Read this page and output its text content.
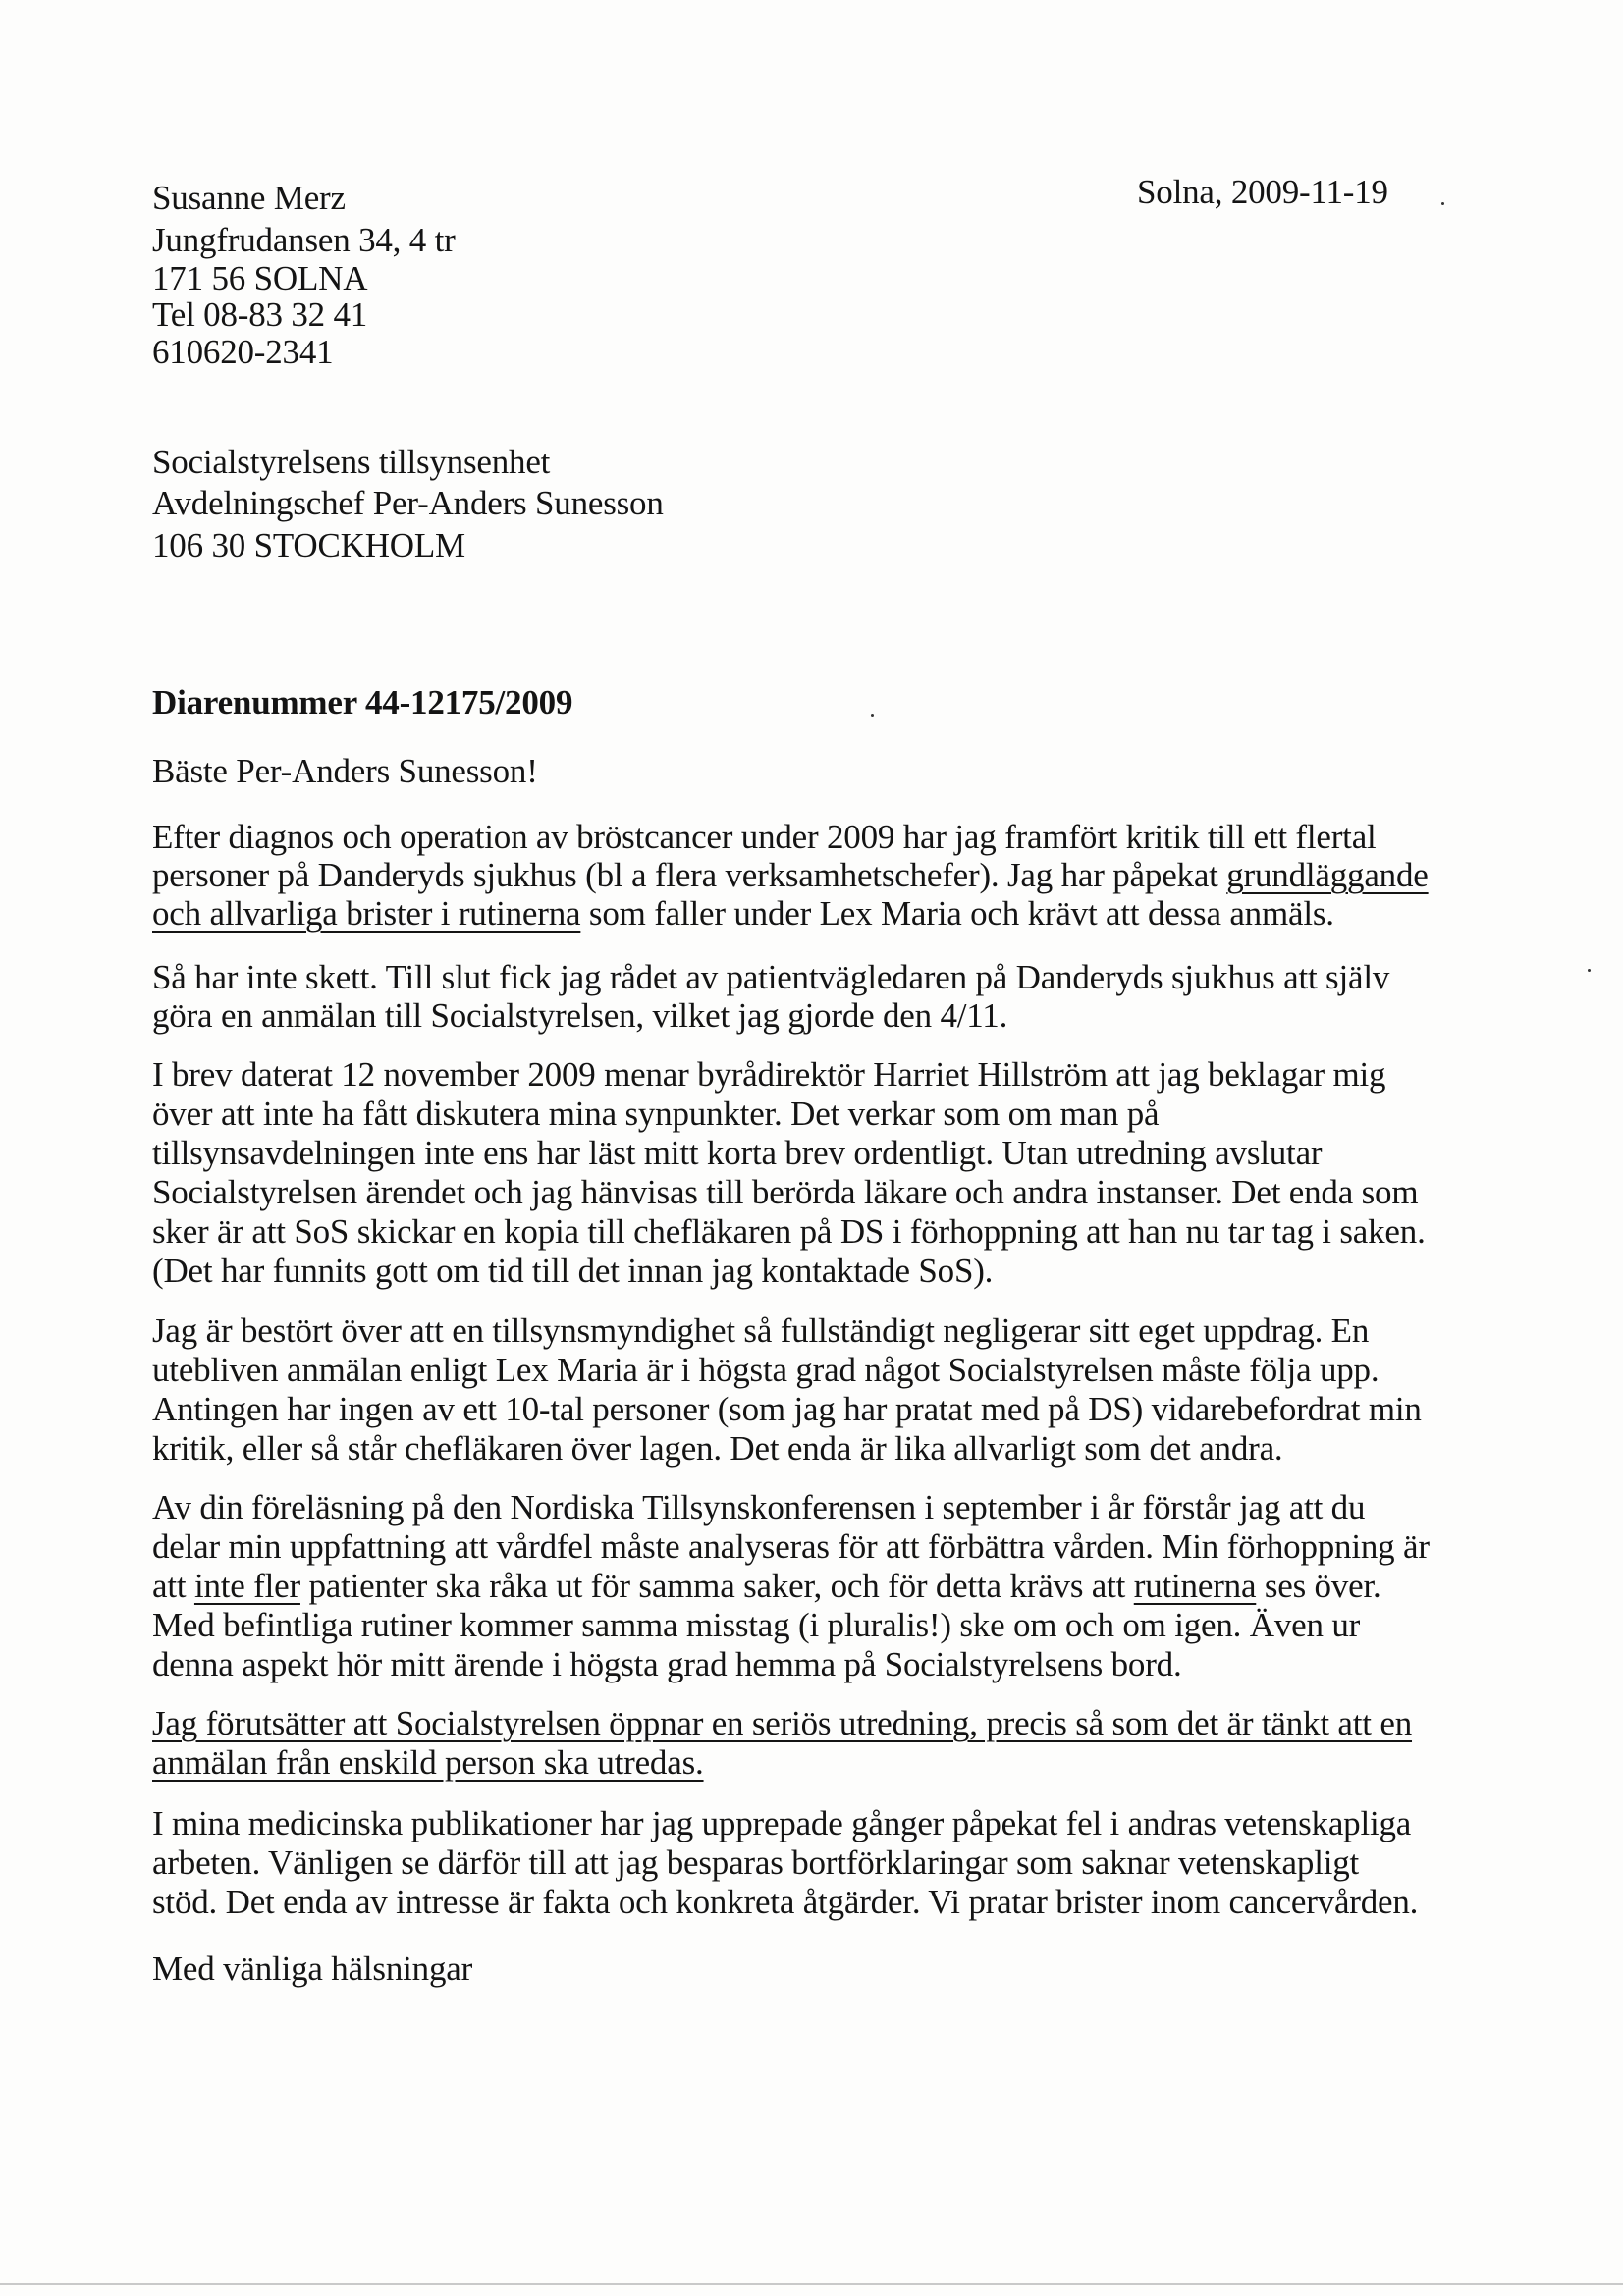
Susanne Merz
Jungfrudansen 34, 4 tr
171 56 SOLNA
Tel 08-83 32 41
610620-2341
Solna, 2009-11-19
Socialstyrelsens tillsynsenhet
Avdelningschef Per-Anders Sunesson
106 30 STOCKHOLM
Diarenummer 44-12175/2009
Bäste Per-Anders Sunesson!
Efter diagnos och operation av bröstcancer under 2009 har jag framfört kritik till ett flertal
personer på Danderyds sjukhus (bl a flera verksamhetschefer). Jag har påpekat grundläggande
och allvarliga brister i rutinerna som faller under Lex Maria och krävt att dessa anmäls.
Så har inte skett. Till slut fick jag rådet av patientvägledaren på Danderyds sjukhus att själv
göra en anmälan till Socialstyrelsen, vilket jag gjorde den 4/11.
I brev daterat 12 november 2009 menar byrådirektör Harriet Hillström att jag beklagar mig
över att inte ha fått diskutera mina synpunkter. Det verkar som om man på
tillsynsavdelningen inte ens har läst mitt korta brev ordentligt. Utan utredning avslutar
Socialstyrelsen ärendet och jag hänvisas till berörda läkare och andra instanser. Det enda som
sker är att SoS skickar en kopia till chefläkaren på DS i förhoppning att han nu tar tag i saken.
(Det har funnits gott om tid till det innan jag kontaktade SoS).
Jag är bestört över att en tillsynsmyndighet så fullständigt negligerar sitt eget uppdrag. En
utebliven anmälan enligt Lex Maria är i högsta grad något Socialstyrelsen måste följa upp.
Antingen har ingen av ett 10-tal personer (som jag har pratat med på DS) vidarebefordrat min
kritik, eller så står chefläkaren över lagen. Det enda är lika allvarligt som det andra.
Av din föreläsning på den Nordiska Tillsynskonferensen i september i år förstår jag att du
delar min uppfattning att vårdfel måste analyseras för att förbättra vården. Min förhoppning är
att inte fler patienter ska råka ut för samma saker, och för detta krävs att rutinerna ses över.
Med befintliga rutiner kommer samma misstag (i pluralis!) ske om och om igen. Även ur
denna aspekt hör mitt ärende i högsta grad hemma på Socialstyrelsens bord.
Jag förutsätter att Socialstyrelsen öppnar en seriös utredning, precis så som det är tänkt att en
anmälan från enskild person ska utredas.
I mina medicinska publikationer har jag upprepade gånger påpekat fel i andras vetenskapliga
arbeten. Vänligen se därför till att jag besparas bortförklaringar som saknar vetenskapligt
stöd. Det enda av intresse är fakta och konkreta åtgärder. Vi pratar brister inom cancervården.
Med vänliga hälsningar
